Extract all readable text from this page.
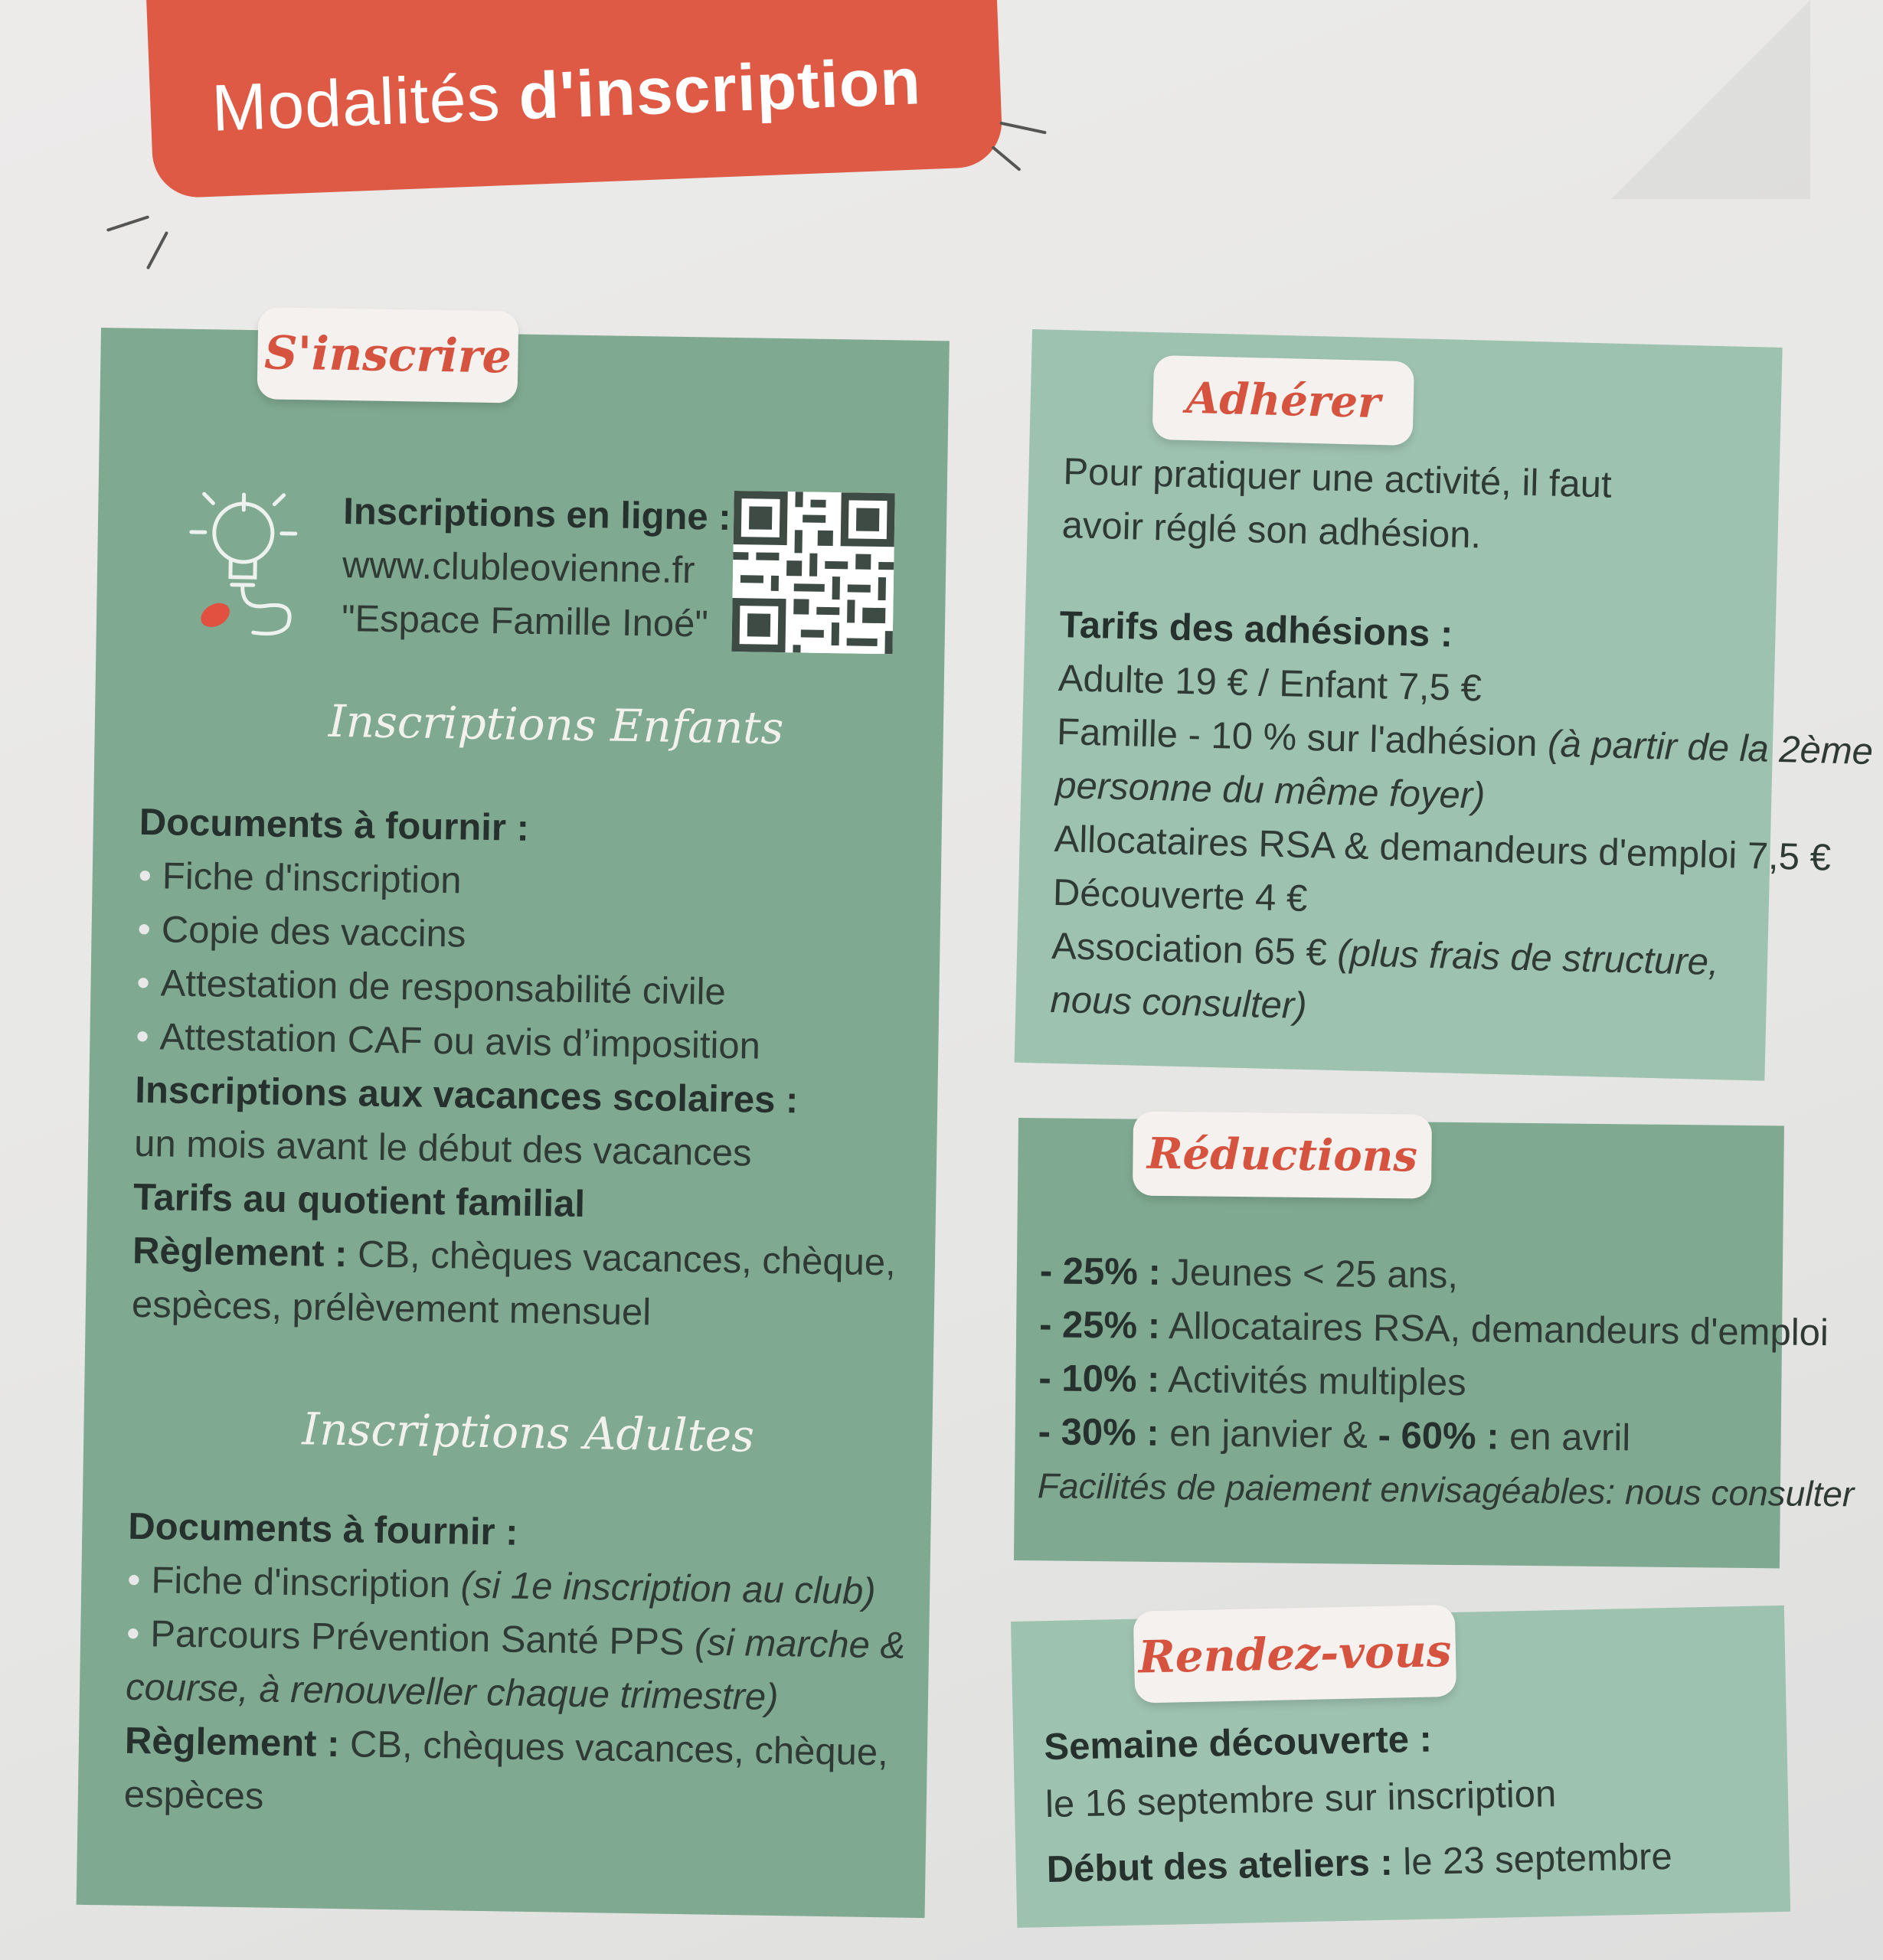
Modalités d'inscription
S'inscrire
Inscriptions en ligne :
www.clubleovienne.fr
"Espace Famille Inoé"
Inscriptions Enfants
Documents à fournir :
• Fiche d'inscription
• Copie des vaccins
• Attestation de responsabilité civile
• Attestation CAF ou avis d’imposition
Inscriptions aux vacances scolaires :
un mois avant le début des vacances
Tarifs au quotient familial
Règlement : CB, chèques vacances, chèque,
espèces, prélèvement mensuel
Inscriptions Adultes
Documents à fournir :
• Fiche d'inscription (si 1e inscription au club)
• Parcours Prévention Santé PPS (si marche &
course, à renouveller chaque trimestre)
Règlement : CB, chèques vacances, chèque,
espèces
Adhérer
Pour pratiquer une activité, il faut
avoir réglé son adhésion.
Tarifs des adhésions :
Adulte 19 € / Enfant 7,5 €
Famille - 10 % sur l'adhésion (à partir de la 2ème
personne du même foyer)
Allocataires RSA & demandeurs d'emploi 7,5 €
Découverte 4 €
Association 65 € (plus frais de structure,
nous consulter)
Réductions
- 25% : Jeunes < 25 ans,
- 25% : Allocataires RSA, demandeurs d'emploi
- 10% : Activités multiples
- 30% : en janvier & - 60% : en avril
Facilités de paiement envisagéables: nous consulter
Rendez-vous
Semaine découverte :
le 16 septembre sur inscription
Début des ateliers : le 23 septembre
